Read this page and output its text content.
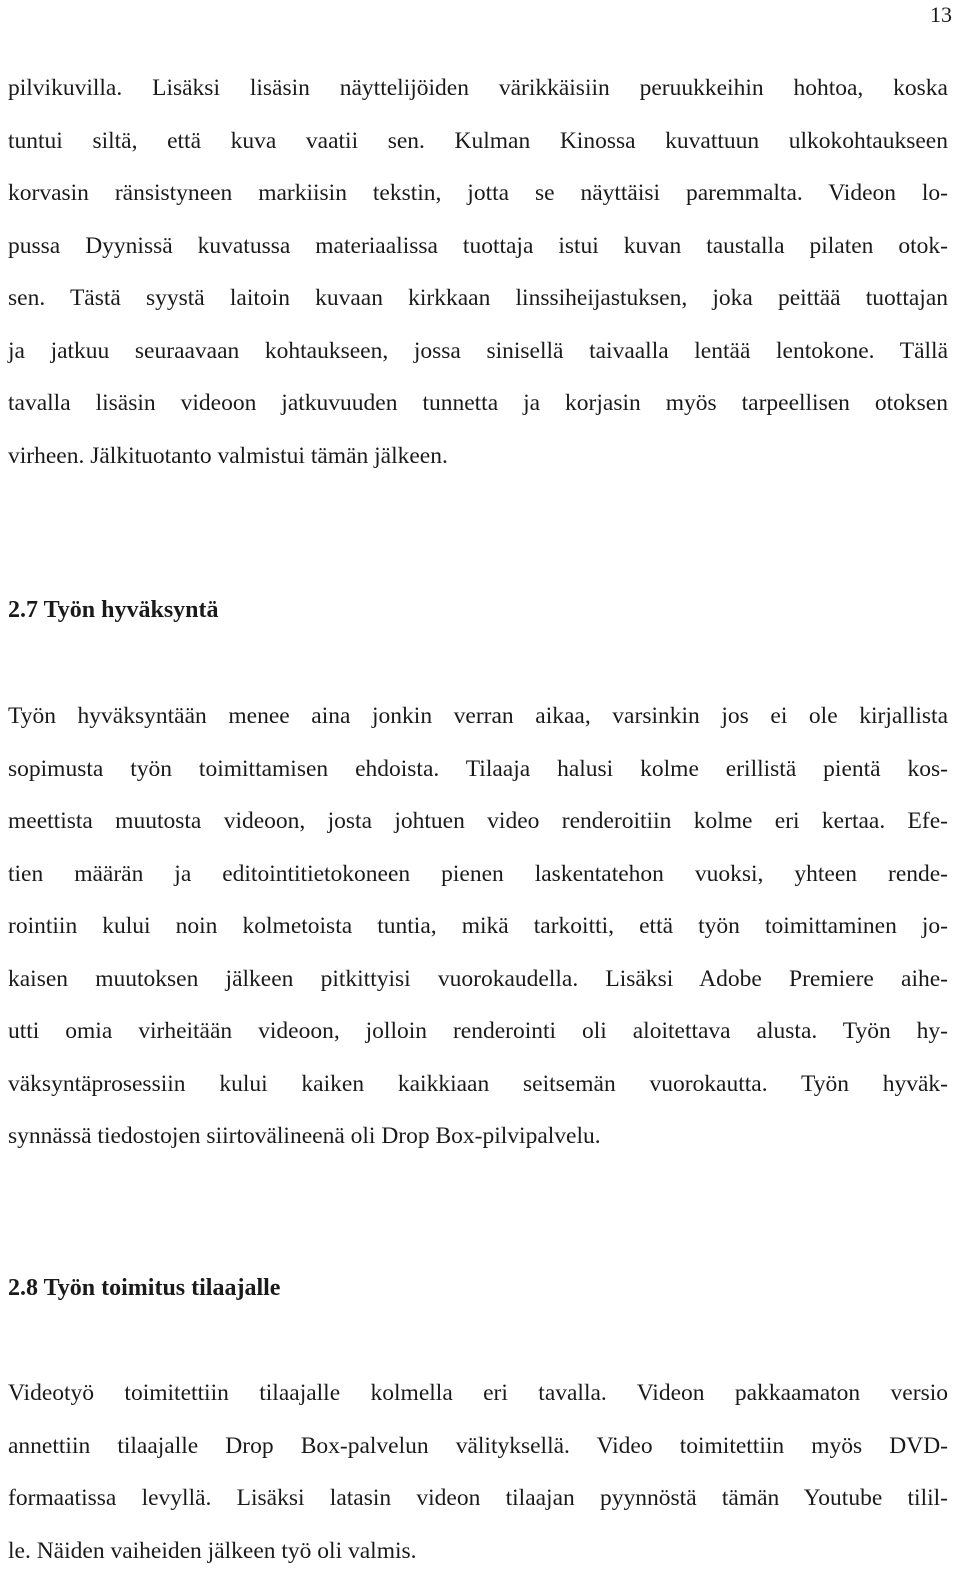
13
pilvikuvilla. Lisäksi lisäsin näyttelijöiden värikkäisiin peruukkeihin hohtoa, koska
tuntui siltä, että kuva vaatii sen. Kulman Kinossa kuvattuun ulkokohtaukseen
korvasin ränsistyneen markiisin tekstin, jotta se näyttäisi paremmalta. Videon lo-
pussa Dyynissä kuvatussa materiaalissa tuottaja istui kuvan taustalla pilaten otok-
sen. Tästä syystä laitoin kuvaan kirkkaan linssiheijastuksen, joka peittää tuottajan
ja jatkuu seuraavaan kohtaukseen, jossa sinisellä taivaalla lentää lentokone. Tällä
tavalla lisäsin videoon jatkuvuuden tunnetta ja korjasin myös tarpeellisen otoksen
virheen. Jälkituotanto valmistui tämän jälkeen.
2.7 Työn hyväksyntä
Työn hyväksyntään menee aina jonkin verran aikaa, varsinkin jos ei ole kirjallista
sopimusta työn toimittamisen ehdoista. Tilaaja halusi kolme erillistä pientä kos-
meettista muutosta videoon, josta johtuen video renderoitiin kolme eri kertaa. Efe-
tien määrän ja editointitietokoneen pienen laskentatehon vuoksi, yhteen rende-
rointiin kului noin kolmetoista tuntia, mikä tarkoitti, että työn toimittaminen jo-
kaisen muutoksen jälkeen pitkittyisi vuorokaudella. Lisäksi Adobe Premiere aihe-
utti omia virheitään videoon, jolloin renderointi oli aloitettava alusta. Työn hy-
väksyntäprosessiin kului kaiken kaikkiaan seitsemän vuorokautta. Työn hyväk-
synnässä tiedostojen siirtovälineenä oli Drop Box-pilvipalvelu.
2.8 Työn toimitus tilaajalle
Videotyö toimitettiin tilaajalle kolmella eri tavalla. Videon pakkaamaton versio
annettiin tilaajalle Drop Box-palvelun välityksellä. Video toimitettiin myös DVD-
formaatissa levyllä. Lisäksi latasin videon tilaajan pyynnöstä tämän Youtube tilil-
le. Näiden vaiheiden jälkeen työ oli valmis.
